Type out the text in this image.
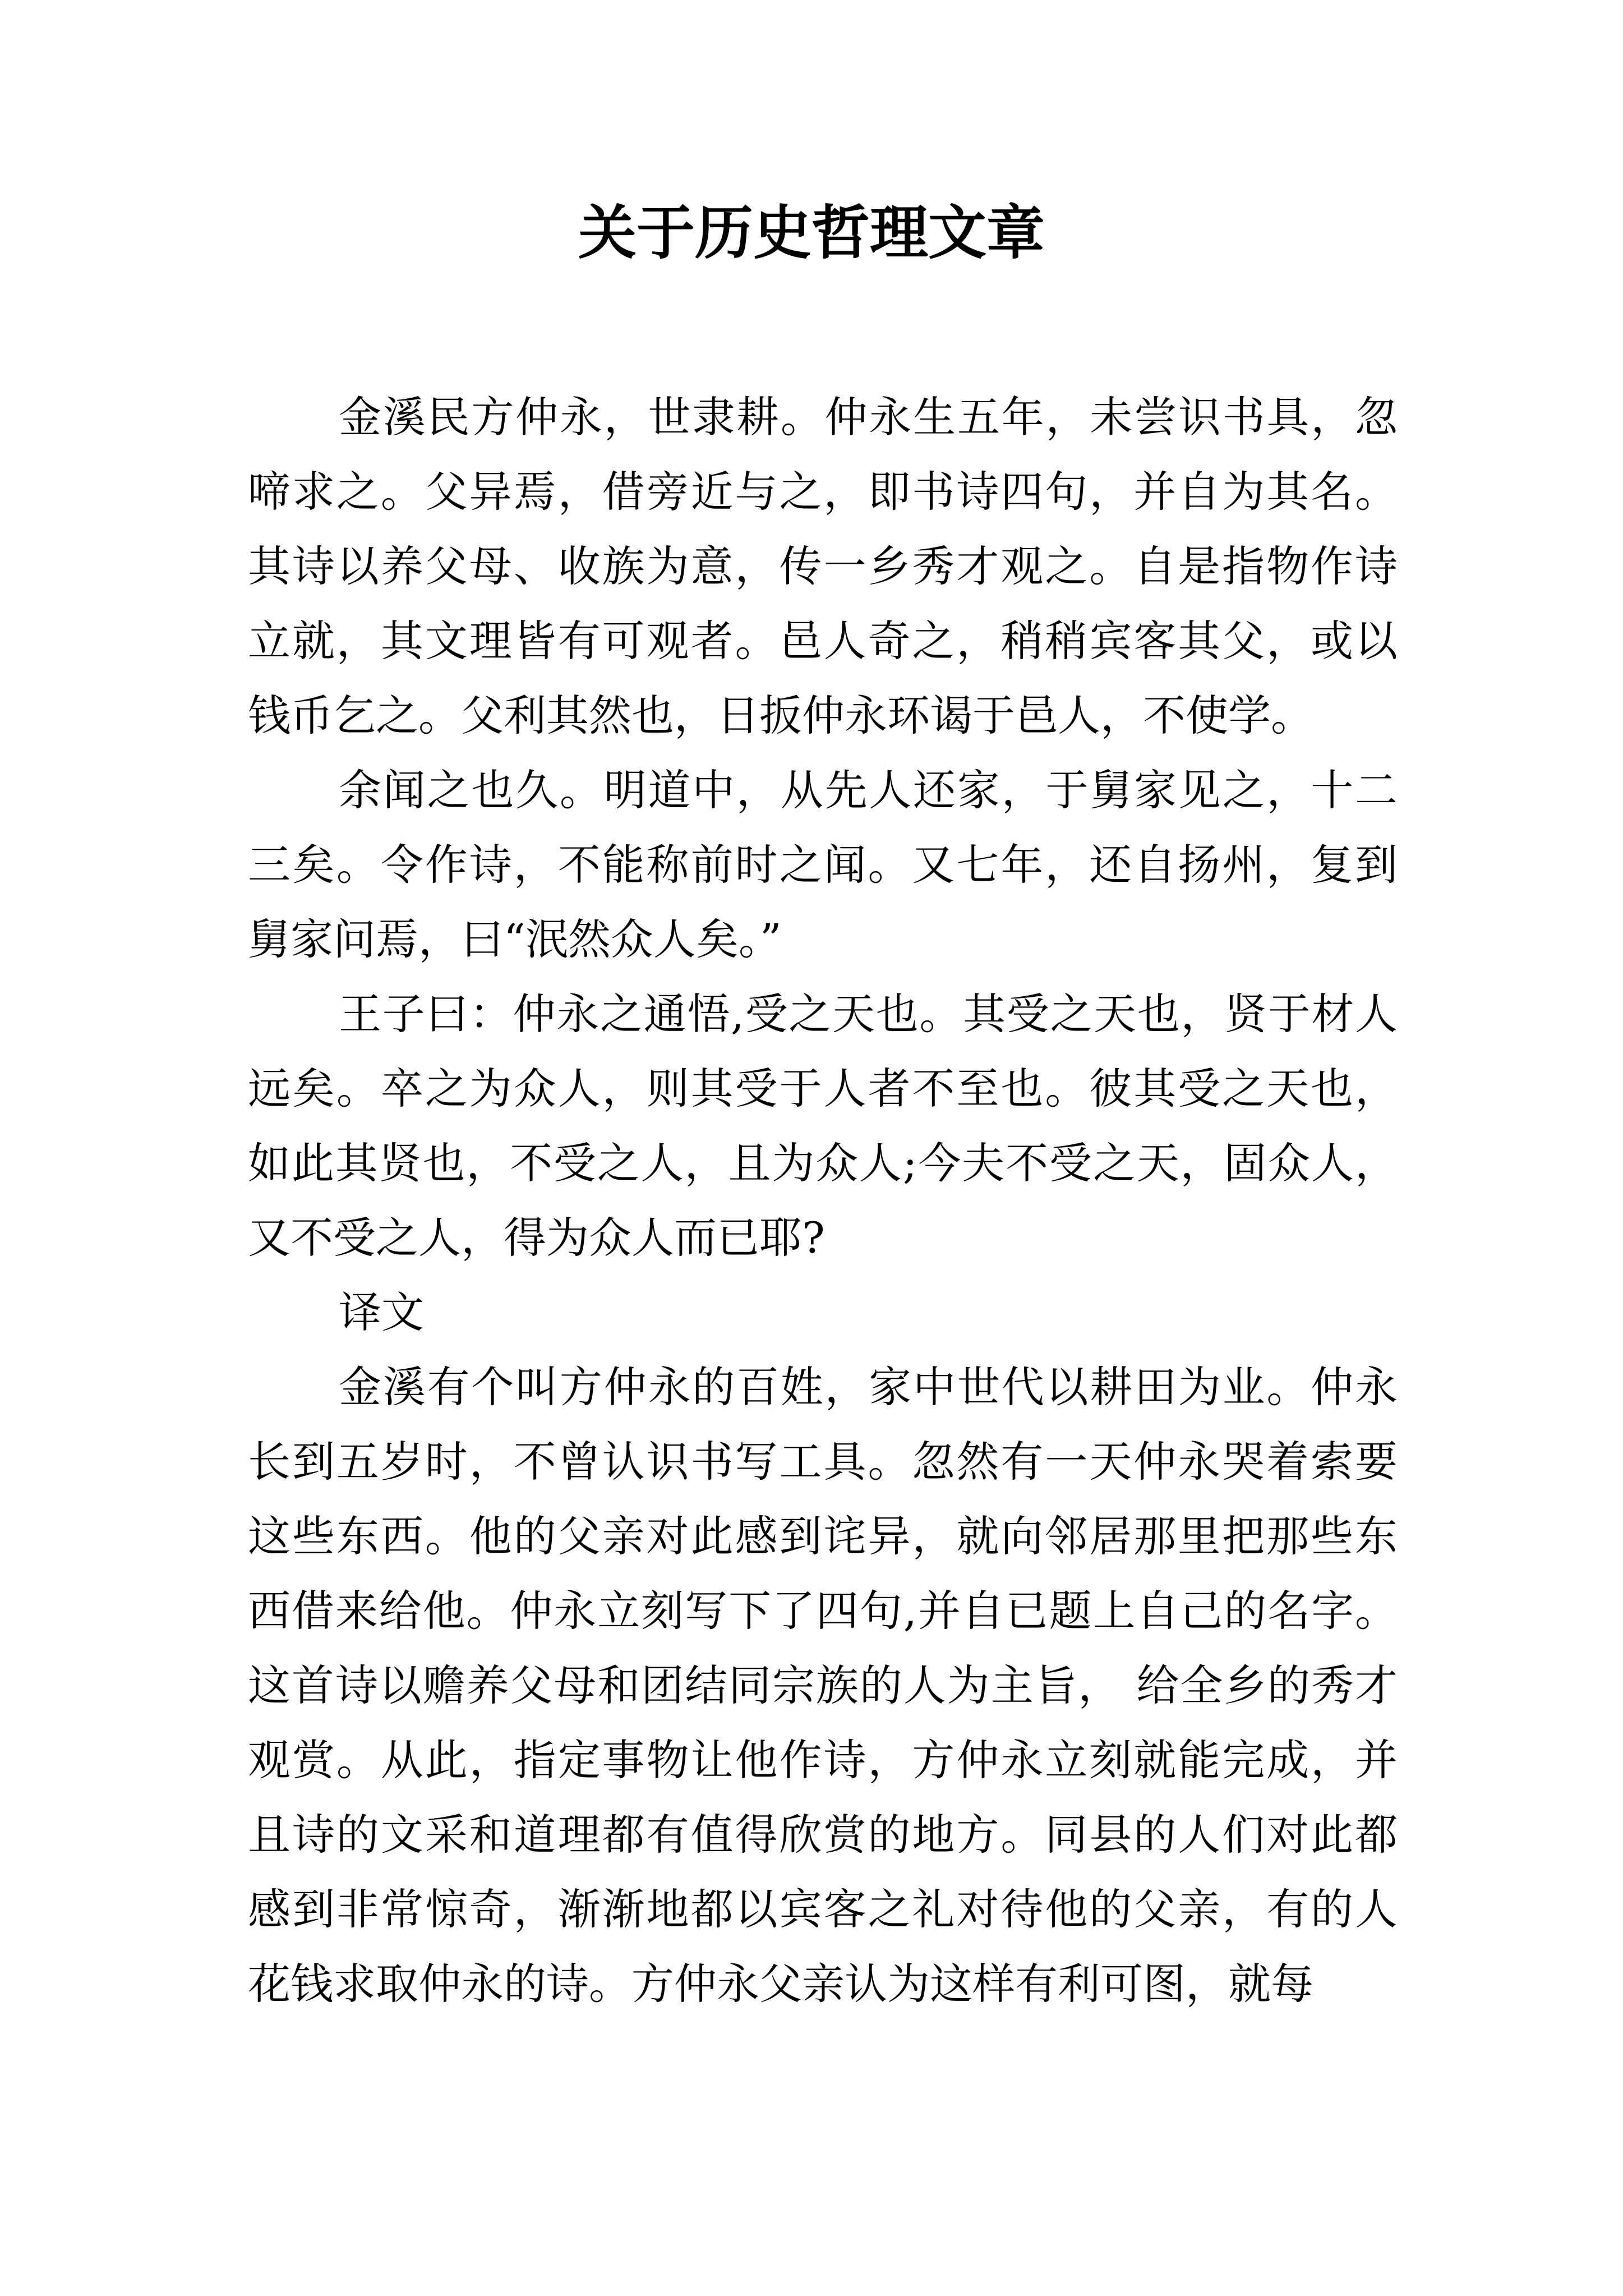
关于历史哲理文章

金溪民方仲永，世隶耕。仲永生五年，未尝识书具，忽啼求之。父异焉，借旁近与之，即书诗四句，并自为其名。其诗以养父母、收族为意，传一乡秀才观之。自是指物作诗立就，其文理皆有可观者。邑人奇之，稍稍宾客其父，或以钱币乞之。父利其然也，日扳仲永环谒于邑人，不使学。

余闻之也久。明道中，从先人还家，于舅家见之，十二三矣。令作诗，不能称前时之闻。又七年，还自扬州，复到舅家问焉，曰“泯然众人矣。”

王子曰：仲永之通悟,受之天也。其受之天也，贤于材人远矣。卒之为众人，则其受于人者不至也。彼其受之天也，如此其贤也，不受之人，且为众人;今夫不受之天，固众人，又不受之人，得为众人而已耶?

译文

金溪有个叫方仲永的百姓，家中世代以耕田为业。仲永长到五岁时，不曾认识书写工具。忽然有一天仲永哭着索要这些东西。他的父亲对此感到诧异，就向邻居那里把那些东西借来给他。仲永立刻写下了四句,并自已题上自己的名字。这首诗以赡养父母和团结同宗族的人为主旨， 给全乡的秀才观赏。从此，指定事物让他作诗，方仲永立刻就能完成，并且诗的文采和道理都有值得欣赏的地方。同县的人们对此都感到非常惊奇，渐渐地都以宾客之礼对待他的父亲，有的人花钱求取仲永的诗。方仲永父亲认为这样有利可图，就每
